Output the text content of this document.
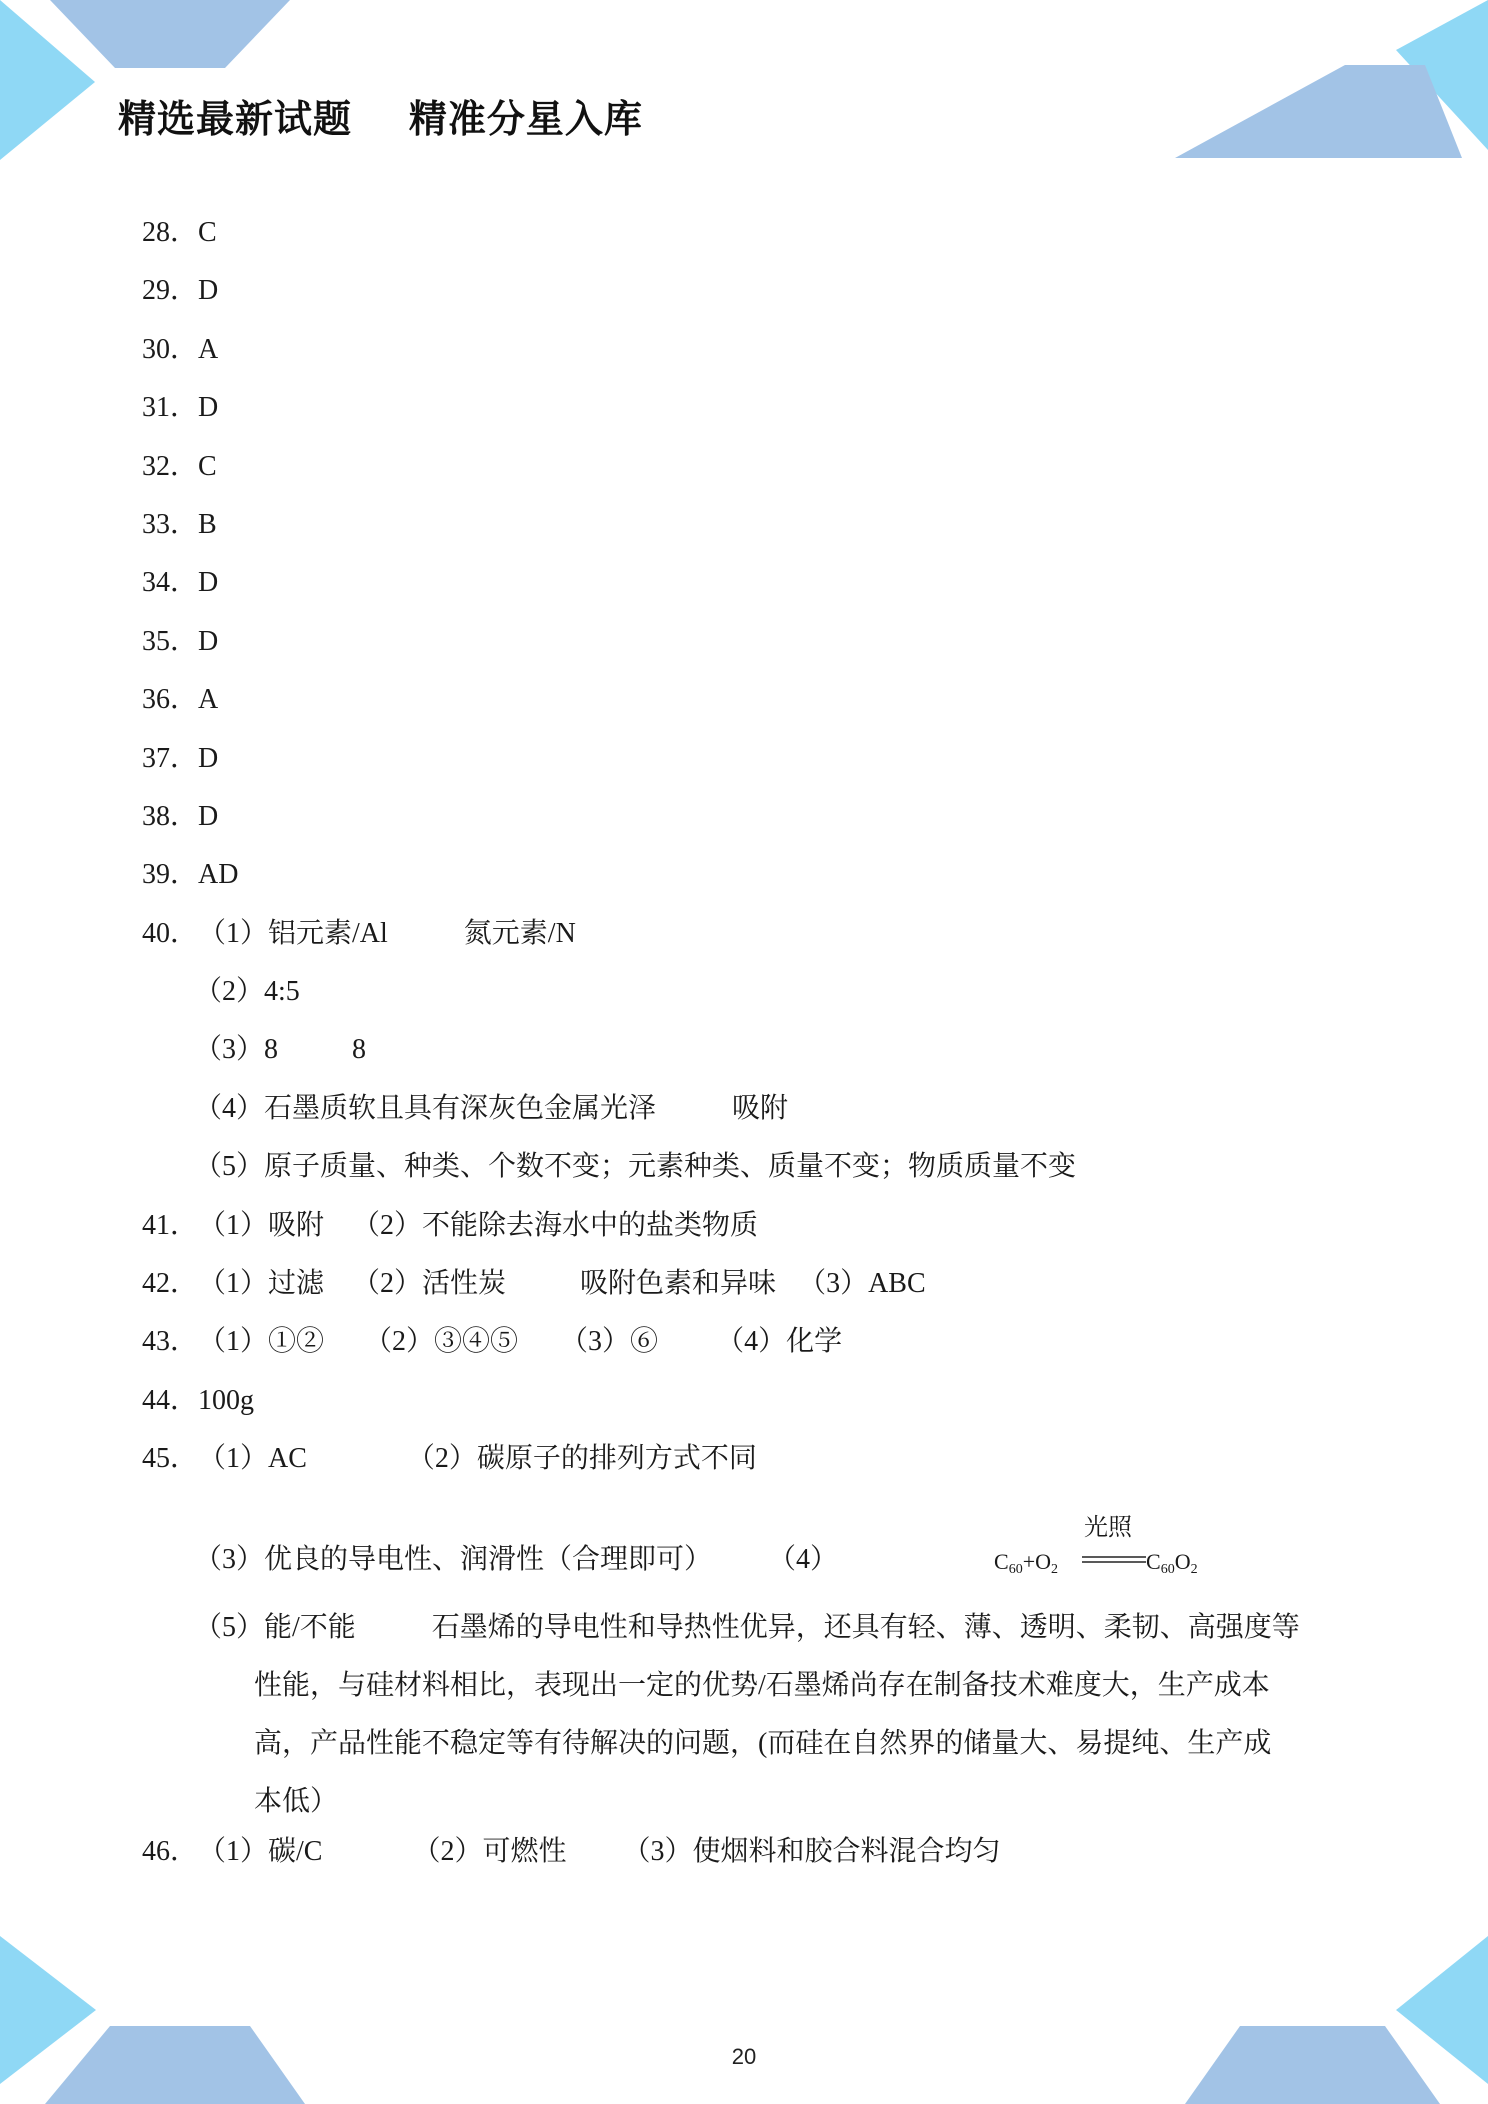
精选最新试题    精准分星入库
28．C
29．D
30．A
31．D
32．C
33．B
34．D
35．D
36．A
37．D
38．D
39．AD
40．（1）铝元素/Al	氮元素/N
（2）4:5
（3）8	8
（4）石墨质软且具有深灰色金属光泽	吸附
（5）原子质量、种类、个数不变；元素种类、质量不变；物质质量不变
41．（1）吸附 （2）不能除去海水中的盐类物质
42．（1）过滤 （2）活性炭	吸附色素和异味 （3）ABC
43．（1）①② （2）③④⑤ （3）⑥ （4）化学
44．100g
45．（1）AC	（2）碳原子的排列方式不同
（3）优良的导电性、润滑性（合理即可） （4）	$C_{60}+O_2$
光照
$C_{60}O_2$
（5）能/不能	石墨烯的导电性和导热性优异，还具有轻、薄、透明、柔韧、高强度等
性能，与硅材料相比，表现出一定的优势/石墨烯尚存在制备技术难度大，生产成本
高，产品性能不稳定等有待解决的问题，(而硅在自然界的储量大、易提纯、生产成
本低）
46．（1）碳/C	（2）可燃性 （3）使烟料和胶合料混合均匀
20
